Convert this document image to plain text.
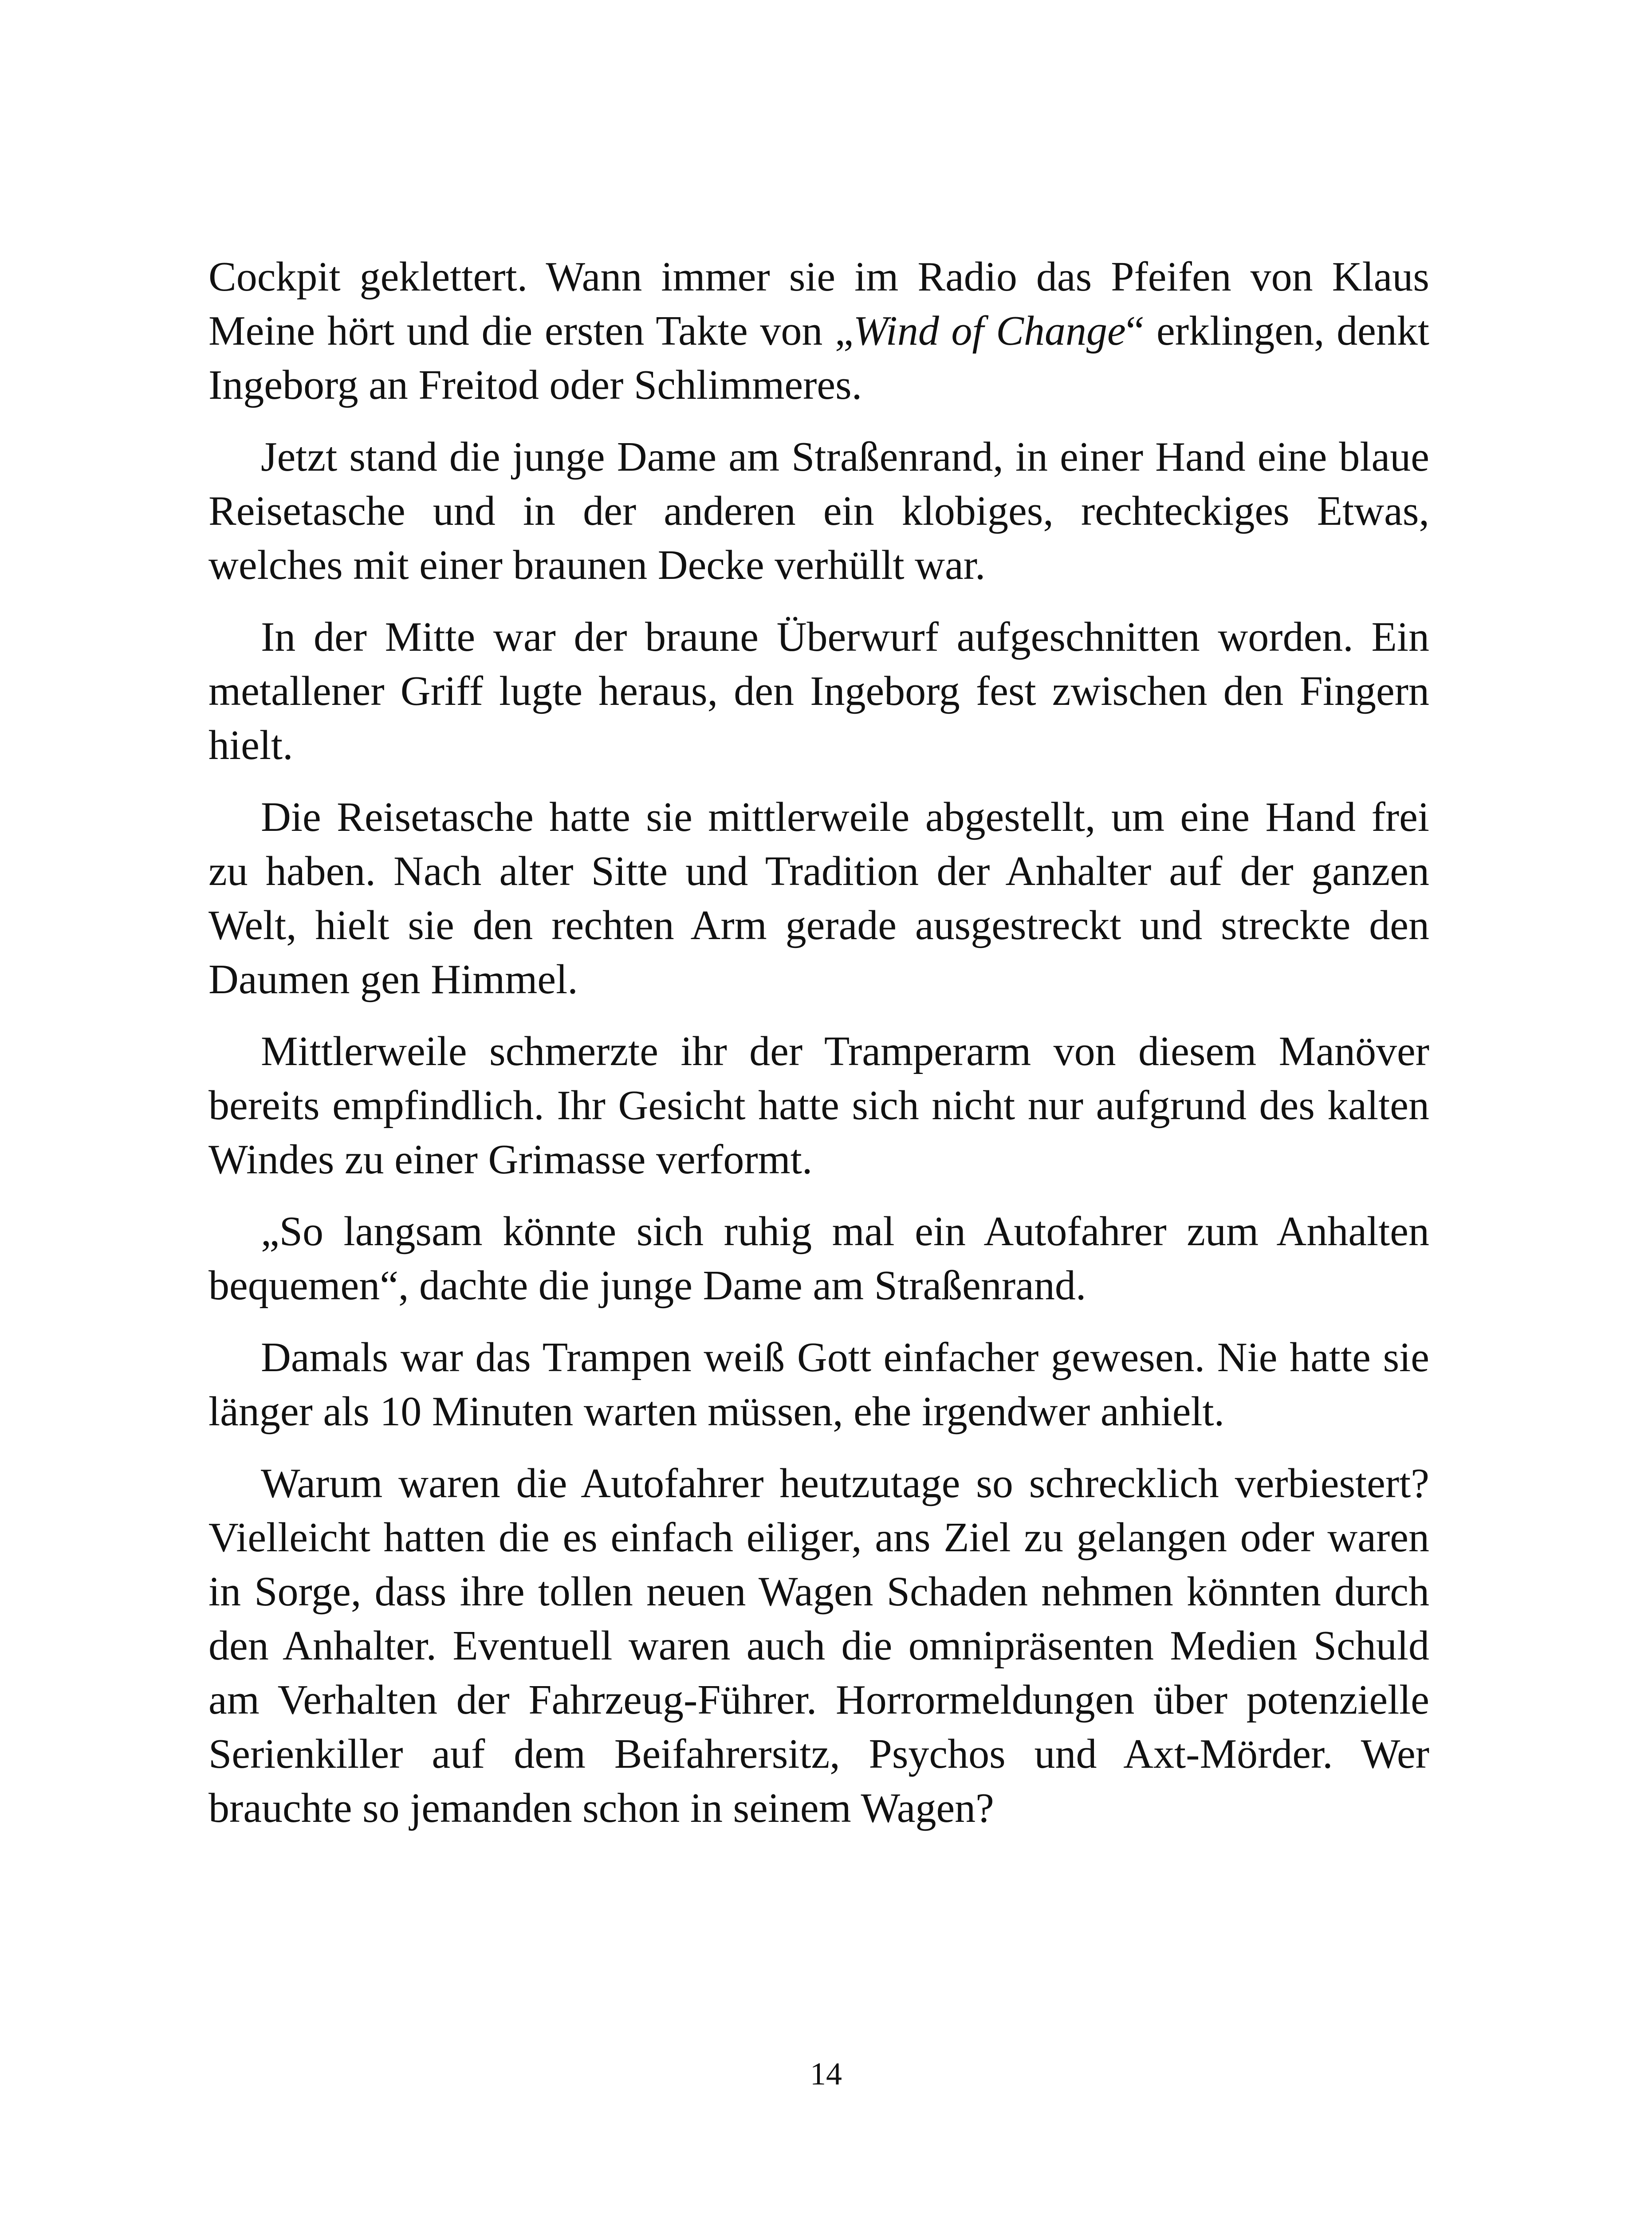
Cockpit geklettert. Wann immer sie im Radio das Pfeifen von Klaus Meine hört und die ersten Takte von „Wind of Change“ erklingen, denkt Ingeborg an Freitod oder Schlimmeres.

Jetzt stand die junge Dame am Straßenrand, in einer Hand eine blaue Reisetasche und in der anderen ein klobiges, rechteckiges Etwas, welches mit einer braunen Decke verhüllt war.

In der Mitte war der braune Überwurf aufgeschnitten worden. Ein metallener Griff lugte heraus, den Ingeborg fest zwischen den Fingern hielt.

Die Reisetasche hatte sie mittlerweile abgestellt, um eine Hand frei zu haben. Nach alter Sitte und Tradition der Anhalter auf der ganzen Welt, hielt sie den rechten Arm gerade ausgestreckt und streckte den Daumen gen Himmel.

Mittlerweile schmerzte ihr der Tramperarm von diesem Manöver bereits empfindlich. Ihr Gesicht hatte sich nicht nur aufgrund des kalten Windes zu einer Grimasse verformt.

„So langsam könnte sich ruhig mal ein Autofahrer zum Anhalten bequemen“, dachte die junge Dame am Straßenrand.

Damals war das Trampen weiß Gott einfacher gewesen. Nie hatte sie länger als 10 Minuten warten müssen, ehe irgendwer anhielt.

Warum waren die Autofahrer heutzutage so schrecklich verbiestert? Vielleicht hatten die es einfach eiliger, ans Ziel zu gelangen oder waren in Sorge, dass ihre tollen neuen Wagen Schaden nehmen könnten durch den Anhalter. Eventuell waren auch die omnipräsenten Medien Schuld am Verhalten der Fahrzeug-Führer. Horrormeldungen über potenzielle Serienkiller auf dem Beifahrersitz, Psychos und Axt-Mörder. Wer brauchte so jemanden schon in seinem Wagen?

14
